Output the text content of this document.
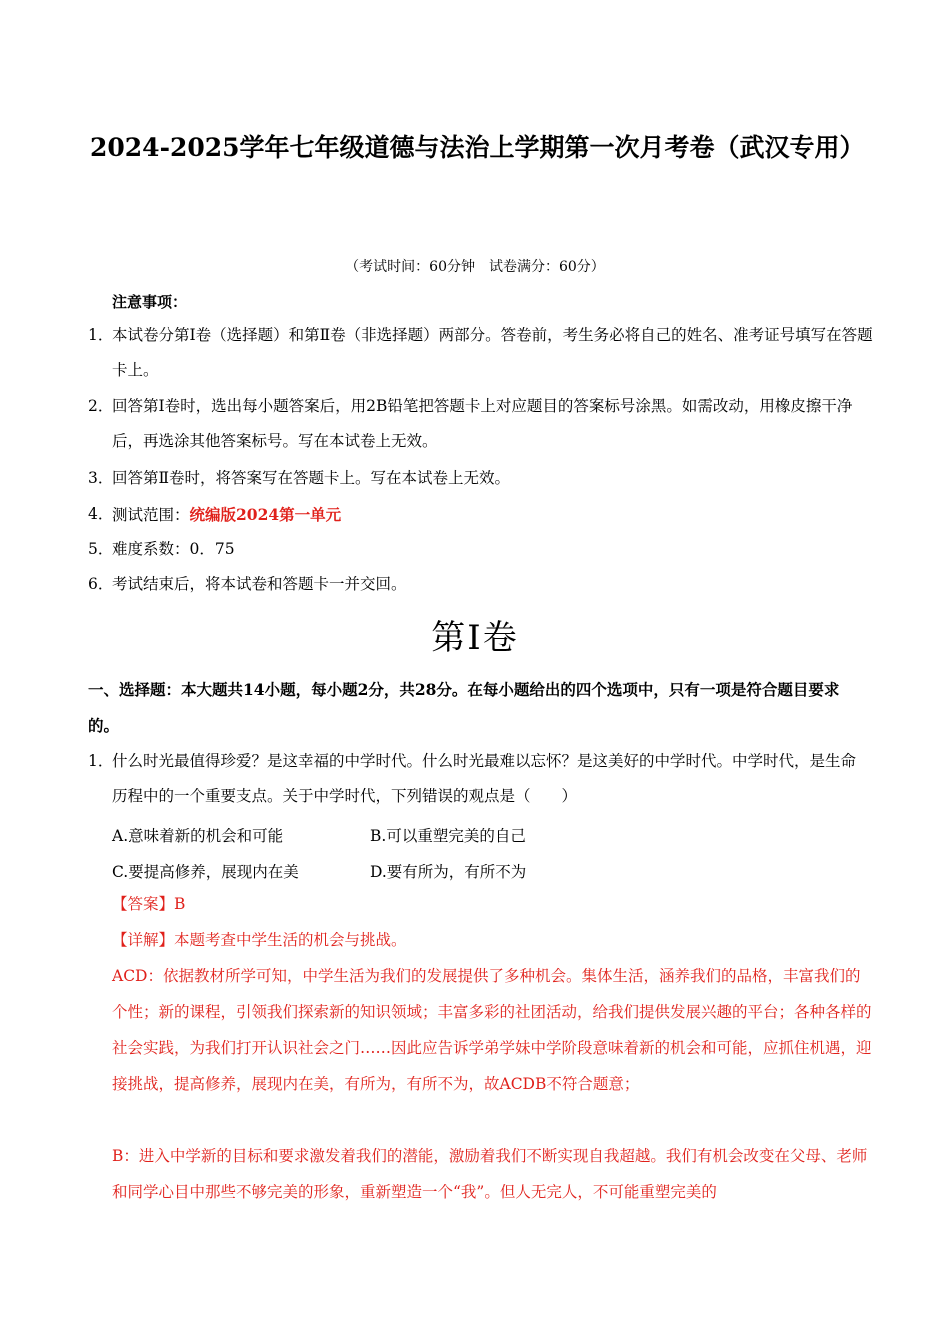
2024-2025学年七年级道德与法治上学期第一次月考卷（武汉专用）
（考试时间：60分钟　试卷满分：60分）
注意事项：
1．
本试卷分第Ⅰ卷（选择题）和第Ⅱ卷（非选择题）两部分。答卷前，考生务必将自己的姓名、准考证号填写在答题卡上。
2．
回答第Ⅰ卷时，选出每小题答案后，用2B铅笔把答题卡上对应题目的答案标号涂黑。如需改动，用橡皮擦干净后，再选涂其他答案标号。写在本试卷上无效。
3．
回答第Ⅱ卷时，将答案写在答题卡上。写在本试卷上无效。
4．
测试范围：统编版2024第一单元
5．
难度系数：0．75
6．
考试结束后，将本试卷和答题卡一并交回。
第Ⅰ卷
一、选择题：本大题共14小题，每小题2分，共28分。在每小题给出的四个选项中，只有一项是符合题目要求的。
1．
什么时光最值得珍爱？是这幸福的中学时代。什么时光最难以忘怀？是这美好的中学时代。中学时代，是生命历程中的一个重要支点。关于中学时代，下列错误的观点是（　　）
A.意味着新的机会和可能	B.可以重塑完美的自己
C.要提高修养，展现内在美	D.要有所为，有所不为
【答案】B
【详解】本题考查中学生活的机会与挑战。
ACD：依据教材所学可知，中学生活为我们的发展提供了多种机会。集体生活，涵养我们的品格，丰富我们的个性；新的课程，引领我们探索新的知识领域；丰富多彩的社团活动，给我们提供发展兴趣的平台；各种各样的社会实践，为我们打开认识社会之门……因此应告诉学弟学妹中学阶段意味着新的机会和可能，应抓住机遇，迎接挑战，提高修养，展现内在美，有所为，有所不为，故ACDB不符合题意；
B：进入中学新的目标和要求激发着我们的潜能，激励着我们不断实现自我超越。我们有机会改变在父母、老师和同学心目中那些不够完美的形象，重新塑造一个“我”。但人无完人，不可能重塑完美的
